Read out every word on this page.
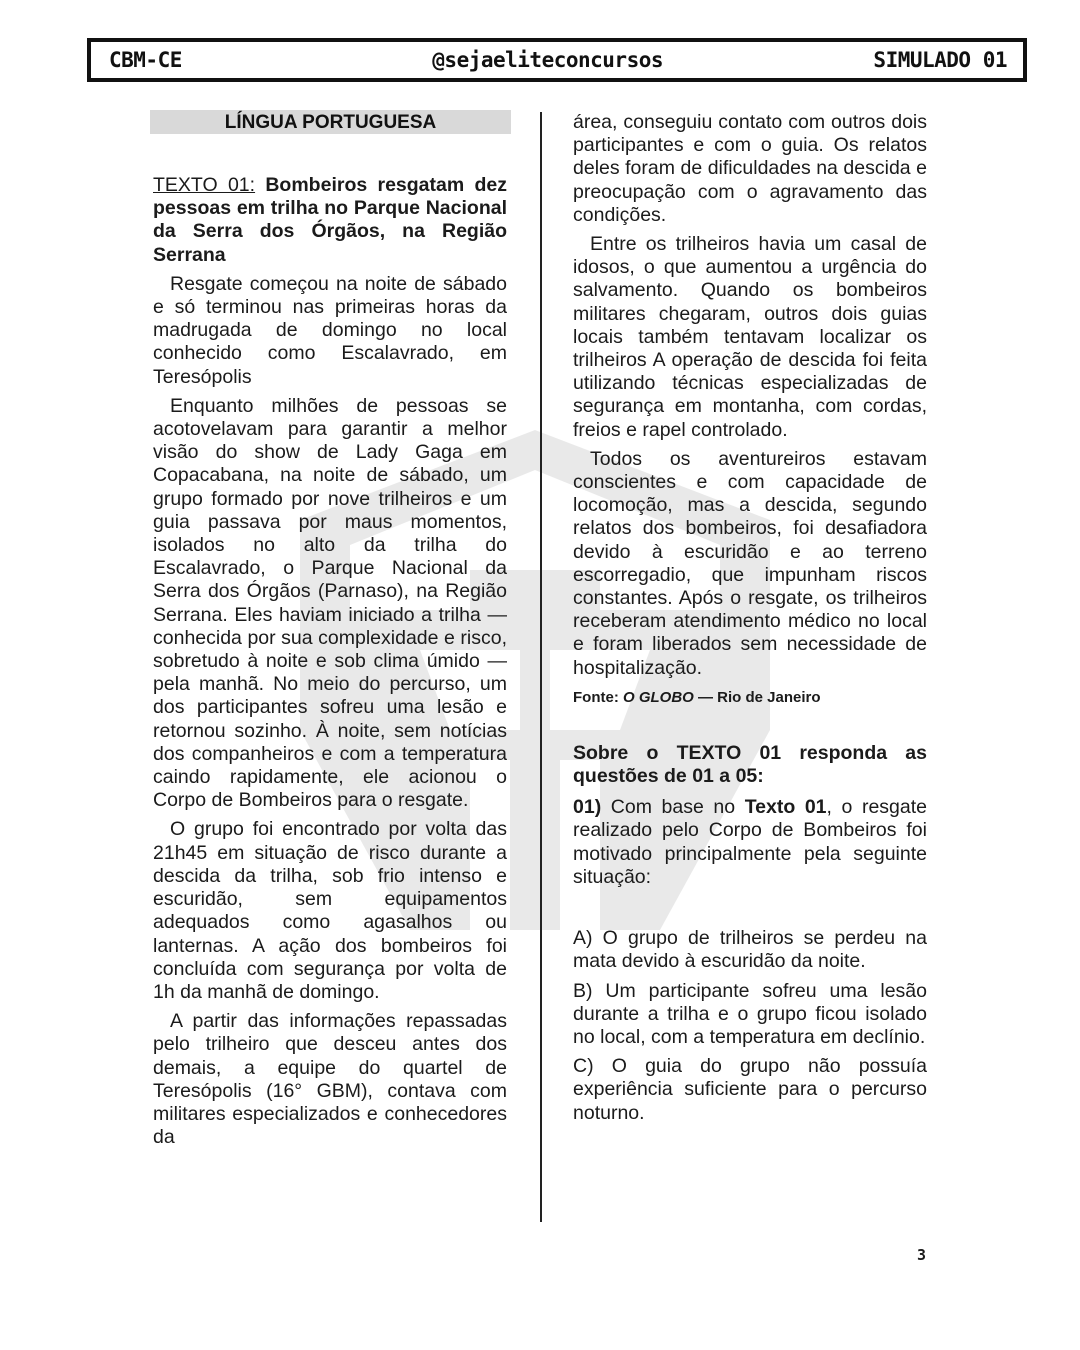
CBM-CE	@sejaeliteconcursos	SIMULADO 01
LÍNGUA PORTUGUESA

TEXTO 01: Bombeiros resgatam dez pessoas em trilha no Parque Nacional da Serra dos Órgãos, na Região Serrana

Resgate começou na noite de sábado e só terminou nas primeiras horas da madrugada de domingo no local conhecido como Escalavrado, em Teresópolis

Enquanto milhões de pessoas se acotovelavam para garantir a melhor visão do show de Lady Gaga em Copacabana, na noite de sábado, um grupo formado por nove trilheiros e um guia passava por maus momentos, isolados no alto da trilha do Escalavrado, o Parque Nacional da Serra dos Órgãos (Parnaso), na Região Serrana. Eles haviam iniciado a trilha — conhecida por sua complexidade e risco, sobretudo à noite e sob clima úmido — pela manhã. No meio do percurso, um dos participantes sofreu uma lesão e retornou sozinho. À noite, sem notícias dos companheiros e com a temperatura caindo rapidamente, ele acionou o Corpo de Bombeiros para o resgate.

O grupo foi encontrado por volta das 21h45 em situação de risco durante a descida da trilha, sob frio intenso e escuridão, sem equipamentos adequados como agasalhos ou lanternas. A ação dos bombeiros foi concluída com segurança por volta de 1h da manhã de domingo.

A partir das informações repassadas pelo trilheiro que desceu antes dos demais, a equipe do quartel de Teresópolis (16° GBM), contava com militares especializados e conhecedores da

área, conseguiu contato com outros dois participantes e com o guia. Os relatos deles foram de dificuldades na descida e preocupação com o agravamento das condições.

Entre os trilheiros havia um casal de idosos, o que aumentou a urgência do salvamento. Quando os bombeiros militares chegaram, outros dois guias locais também tentavam localizar os trilheiros A operação de descida foi feita utilizando técnicas especializadas de segurança em montanha, com cordas, freios e rapel controlado.

Todos os aventureiros estavam conscientes e com capacidade de locomoção, mas a descida, segundo relatos dos bombeiros, foi desafiadora devido à escuridão e ao terreno escorregadio, que impunham riscos constantes. Após o resgate, os trilheiros receberam atendimento médico no local e foram liberados sem necessidade de hospitalização.

Fonte: O GLOBO — Rio de Janeiro

Sobre o TEXTO 01 responda as questões de 01 a 05:

01) Com base no Texto 01, o resgate realizado pelo Corpo de Bombeiros foi motivado principalmente pela seguinte situação:

A) O grupo de trilheiros se perdeu na mata devido à escuridão da noite.

B) Um participante sofreu uma lesão durante a trilha e o grupo ficou isolado no local, com a temperatura em declínio.

C) O guia do grupo não possuía experiência suficiente para o percurso noturno.

3
